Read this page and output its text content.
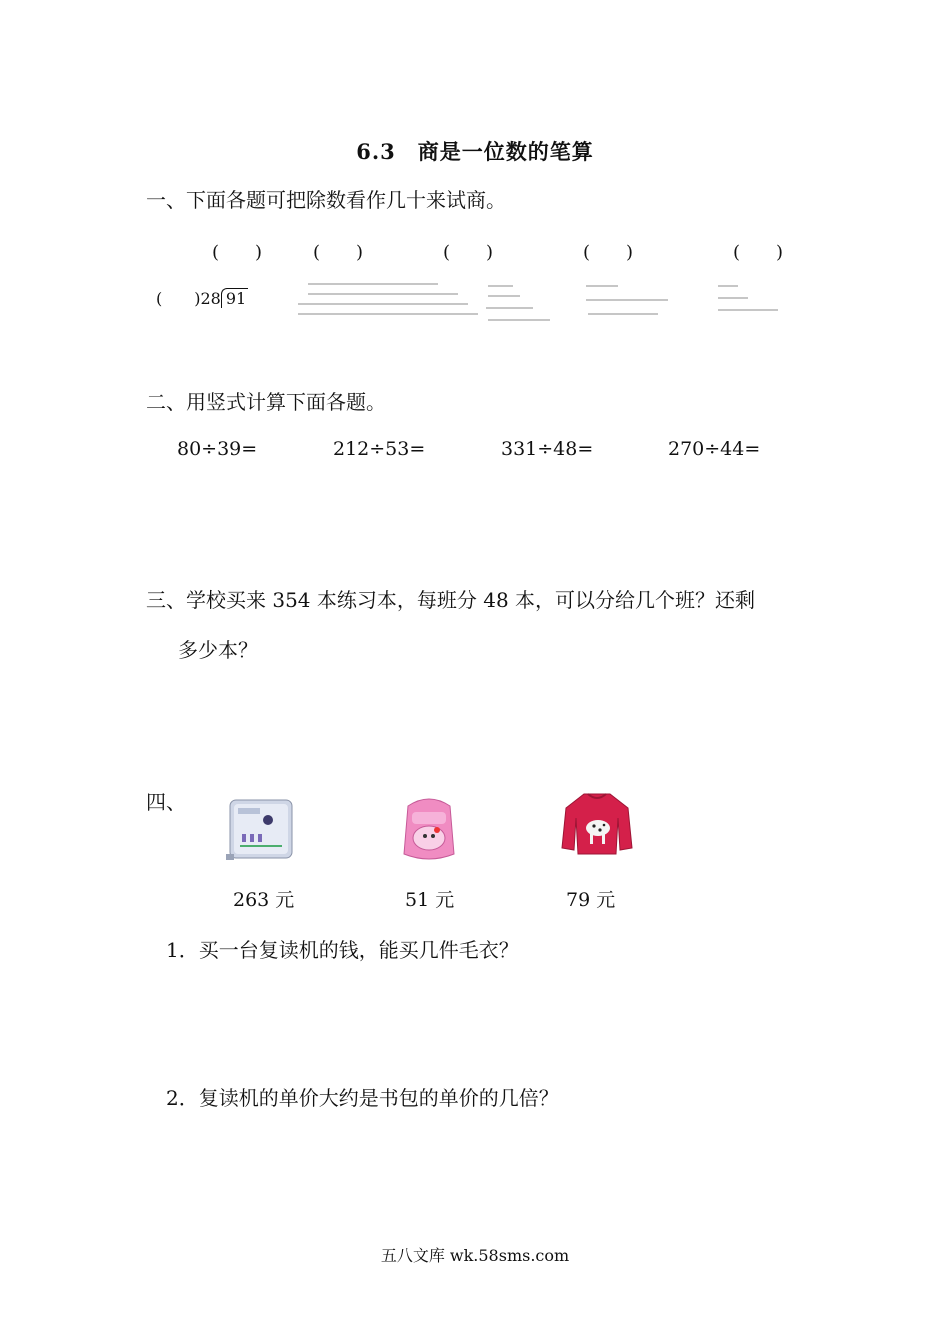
6.3　商是一位数的笔算
一、下面各题可把除数看作几十来试商。
(　　)	(　　)	(　　)	(　　)	(　　)
(　　)28 91
二、用竖式计算下面各题。
80÷39=	212÷53=	331÷48=	270÷44=
三、学校买来 354 本练习本，每班分 48 本，可以分给几个班？还剩
多少本？
四、
263 元	51 元	79 元
1．买一台复读机的钱，能买几件毛衣？
2．复读机的单价大约是书包的单价的几倍？
五八文库 wk.58sms.com
